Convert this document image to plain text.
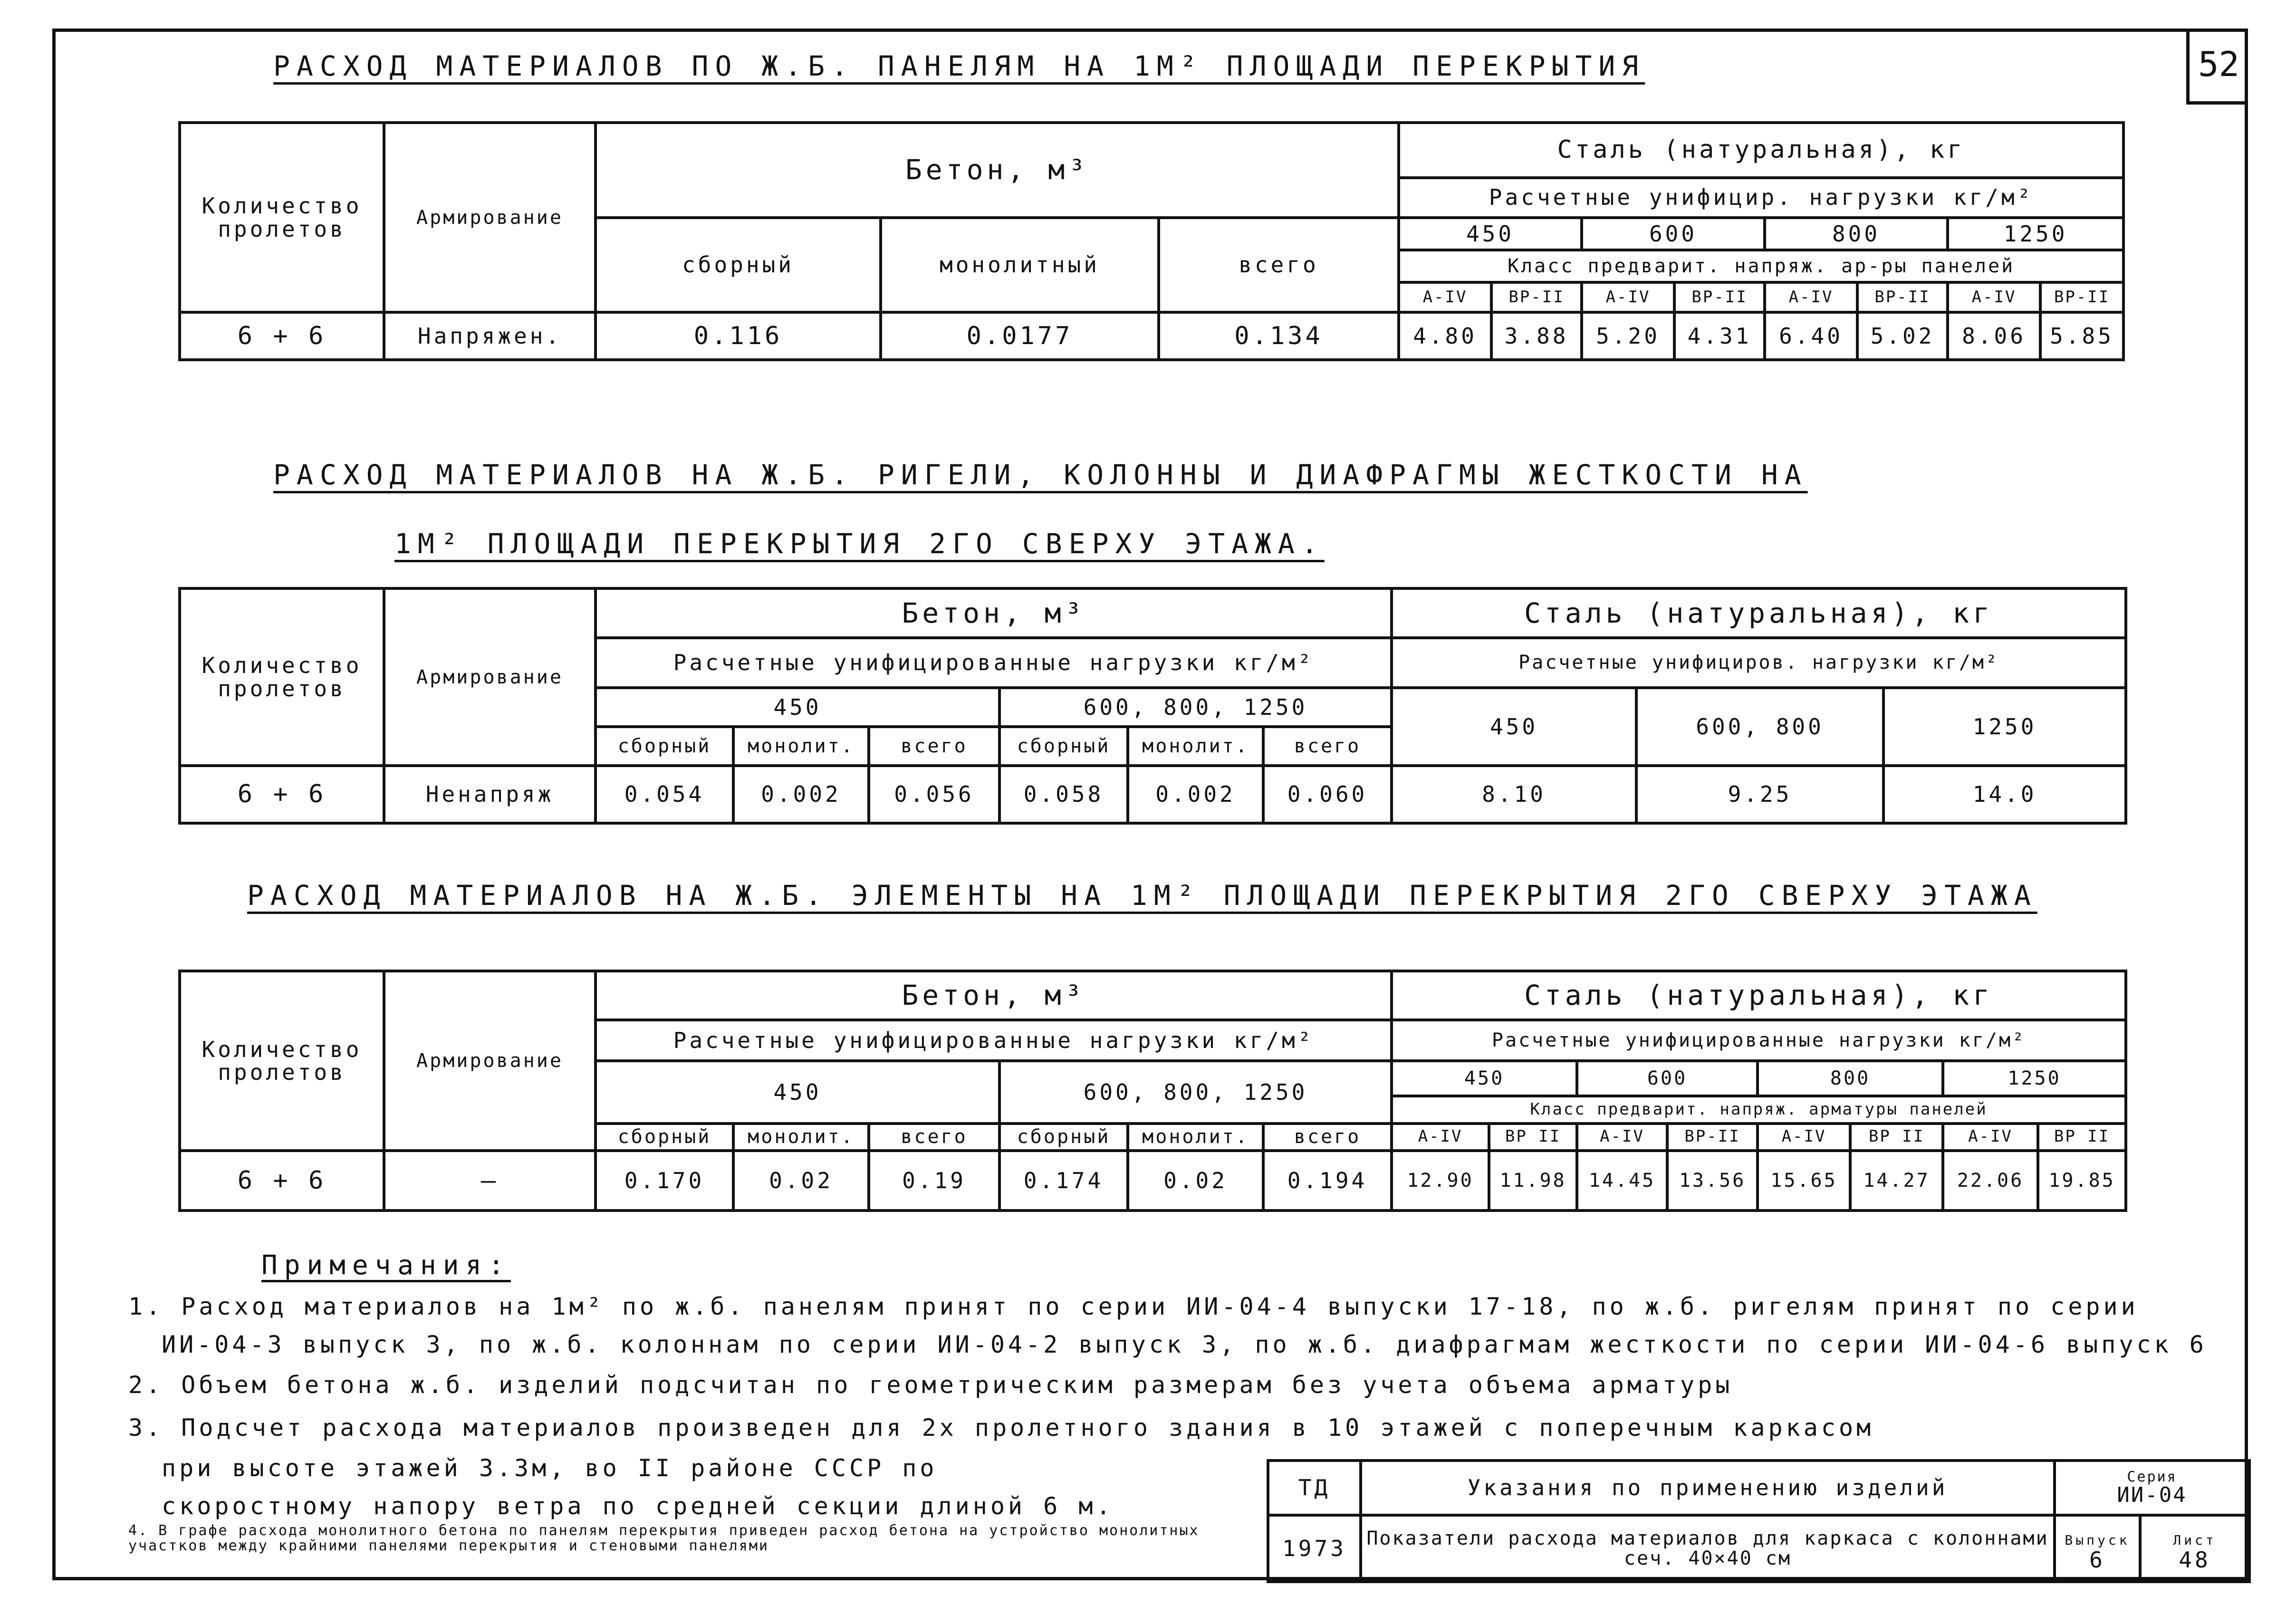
52
РАСХОД МАТЕРИАЛОВ ПО Ж.Б. ПАНЕЛЯМ НА 1М² ПЛОЩАДИ ПЕРЕКРЫТИЯ
Количество пролетов	Армирование	Бетон, м³			Сталь (натуральная), кг							
					Расчетные унифицир. нагрузки кг/м²							
		сборный	монолитный	всего	450		600		800		1250	
					Класс предварит. напряж. ар-ры панелей							
					А-IV	ВР-II	А-IV	ВР-II	А-IV	ВР-II	А-IV	ВР-II
6 + 6	Напряжен.	0.116	0.0177	0.134	4.80	3.88	5.20	4.31	6.40	5.02	8.06	5.85
РАСХОД МАТЕРИАЛОВ НА Ж.Б. РИГЕЛИ, КОЛОННЫ И ДИАФРАГМЫ ЖЕСТКОСТИ НА
1М² ПЛОЩАДИ ПЕРЕКРЫТИЯ 2ГО СВЕРХУ ЭТАЖА.
Количество пролетов	Армирование	Бетон, м³						Сталь (натуральная), кг		
		Расчетные унифицированные нагрузки кг/м²						Расчетные унифициров. нагрузки кг/м²		
		450			600, 800, 1250			450	600, 800	1250
		сборный	монолит.	всего	сборный	монолит.	всего			
6 + 6	Ненапряж	0.054	0.002	0.056	0.058	0.002	0.060	8.10	9.25	14.0
РАСХОД МАТЕРИАЛОВ НА Ж.Б. ЭЛЕМЕНТЫ НА 1М² ПЛОЩАДИ ПЕРЕКРЫТИЯ 2ГО СВЕРХУ ЭТАЖА
Количество пролетов	Армирование	Бетон, м³						Сталь (натуральная), кг							
		Расчетные унифицированные нагрузки кг/м²						Расчетные унифицированные нагрузки кг/м²							
		450			600, 800, 1250			450		600		800		1250	
								Класс предварит. напряж. арматуры панелей							
		сборный	монолит.	всего	сборный	монолит.	всего	А-IV	ВР II	А-IV	ВР-II	А-IV	ВР II	А-IV	ВР II
6 + 6	—	0.170	0.02	0.19	0.174	0.02	0.194	12.90	11.98	14.45	13.56	15.65	14.27	22.06	19.85
Примечания:
1. Расход материалов на 1м² по ж.б. панелям принят по серии ИИ-04-4 выпуски 17-18, по ж.б. ригелям принят по серии
ИИ-04-3 выпуск 3, по ж.б. колоннам по серии ИИ-04-2 выпуск 3, по ж.б. диафрагмам жесткости по серии ИИ-04-6 выпуск 6
2. Объем бетона ж.б. изделий подсчитан по геометрическим размерам без учета объема арматуры
3. Подсчет расхода материалов произведен для 2х пролетного здания в 10 этажей с поперечным каркасом
при высоте этажей 3.3м, во II районе СССР по
скоростному напору ветра по средней секции длиной 6 м.
4. В графе расхода монолитного бетона по панелям перекрытия приведен расход бетона на устройство монолитных участков между крайними панелями перекрытия и стеновыми панелями
ТД	Указания по применению изделий	Серия
ИИ-04	
1973	Показатели расхода материалов для каркаса с колоннами сеч. 40×40 см	Выпуск
6	Лист
48
